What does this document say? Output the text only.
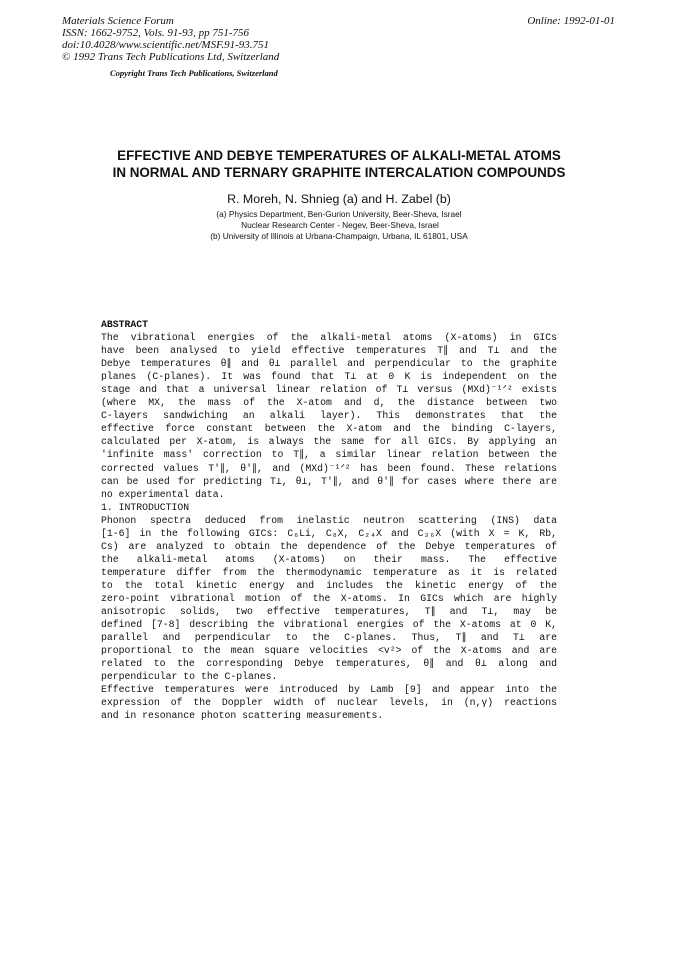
Materials Science Forum
ISSN: 1662-9752, Vols. 91-93, pp 751-756
doi:10.4028/www.scientific.net/MSF.91-93.751
© 1992 Trans Tech Publications Ltd, Switzerland
Online: 1992-01-01
Copyright Trans Tech Publications, Switzerland
EFFECTIVE AND DEBYE TEMPERATURES OF ALKALI-METAL ATOMS
IN NORMAL AND TERNARY GRAPHITE INTERCALATION COMPOUNDS
R. Moreh, N. Shnieg (a) and H. Zabel (b)
(a) Physics Department, Ben-Gurion University, Beer-Sheva, Israel
Nuclear Research Center - Negev, Beer-Sheva, Israel
(b) University of Illinois at Urbana-Champaign, Urbana, IL 61801, USA
ABSTRACT
The vibrational energies of the alkali-metal atoms (X-atoms) in GICs
have been analysed to yield effective temperatures T∥ and T⊥ and the
Debye temperatures θ∥ and θ⊥ parallel and perpendicular to the graphite
planes (C-planes). It was found that T⊥ at 0 K is independent on the
stage and that a universal linear relation of T⊥ versus (MXd)⁻¹ᐟ² exists
(where MX, the mass of the X-atom and d, the distance between two
C-layers sandwiching an alkali layer). This demonstrates that the
effective force constant between the X-atom and the binding C-layers,
calculated per X-atom, is always the same for all GICs. By applying an
'infinite mass' correction to T∥, a similar linear relation between the
corrected values T′∥, θ′∥, and (MXd)⁻¹ᐟ² has been found. These relations
can be used for predicting T⊥, θ⊥, T′∥, and θ′∥ for cases where there are
no experimental data.
1. INTRODUCTION
Phonon spectra deduced from inelastic neutron scattering (INS) data
[1-6] in the following GICs: C₆Li, C₈X, C₂₄X and C₃₆X (with X = K, Rb,
Cs) are analyzed to obtain the dependence of the Debye temperatures of
the alkali-metal atoms (X-atoms) on their mass. The effective
temperature differ from the thermodynamic temperature as it is related
to the total kinetic energy and includes the kinetic energy of the
zero-point vibrational motion of the X-atoms. In GICs which are highly
anisotropic solids, two effective temperatures, T∥ and T⊥, may be
defined [7-8] describing the vibrational energies of the X-atoms at 0 K,
parallel and perpendicular to the C-planes. Thus, T∥ and T⊥ are
proportional to the mean square velocities <v²> of the X-atoms and are
related to the corresponding Debye temperatures, θ∥ and θ⊥ along and
perpendicular to the C-planes.
Effective temperatures were introduced by Lamb [9] and appear into the
expression of the Doppler width of nuclear levels, in (n,γ) reactions
and in resonance photon scattering measurements.
